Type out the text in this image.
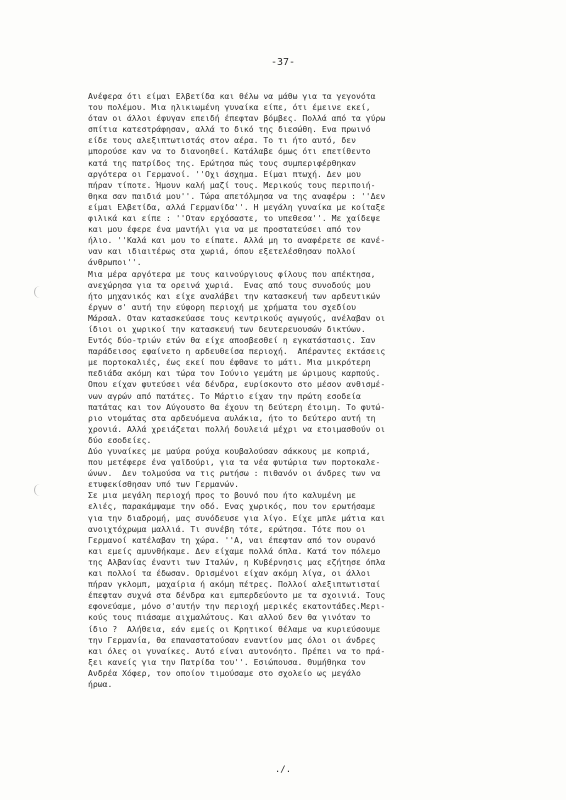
-37-
Ανέφερα ότι είμαι Ελβετίδα και θέλω να μάθω για τα γεγονότα
του πολέμου. Μια ηλικιωμένη γυναίκα είπε, ότι έμεινε εκεί,
όταν οι άλλοι έφυγαν επειδή έπεφταν βόμβες. Πολλά από τα γύρω
σπίτια κατεστράφησαν, αλλά το δικό της διεσώθη. Ενα πρωινό
είδε τους αλεξιπτωτιστάς στον αέρα. Το τι ήτο αυτό, δεν
μπορούσε καν να το διανοηθεί. Κατάλαβε όμως ότι επετίθεντο
κατά της πατρίδος της. Ερώτησα πώς τους συμπεριφέρθηκαν
αργότερα οι Γερμανοί. ''Οχι άσχημα. Είμαι πτωχή. Δεν μου
πήραν τίποτε. Ήμουν καλή μαζί τους. Μερικούς τους περιποιή-
θηκα σαν παιδιά μου''. Τώρα απετόλμησα να της αναφέρω : ''Δεν
είμαι Ελβετίδα, αλλά Γερμανίδα''. Η μεγάλη γυναίκα με κοίταξε
φιλικά και είπε : ''Οταν ερχόσαστε, το υπεθεσα''. Με χαίδεψε
και μου έφερε ένα μαντήλι για να με προστατεύσει από τον
ήλιο. ''Καλά και μου το είπατε. Αλλά μη το αναφέρετε σε κανέ-
ναν και ιδιαιτέρως στα χωριά, όπου εξετελέσθησαν πολλοί
άνθρωποι''.
Μια μέρα αργότερα με τους καινούργιους φίλους που απέκτησα,
ανεχώρησα για τα ορεινά χωριά.  Ενας από τους συνοδούς μου
ήτο μηχανικός και είχε αναλάβει την κατασκευή των αρδευτικών
έργων σ' αυτή την εύφορη περιοχή με χρήματα του σχεδίου
Μάρσαλ. Οταν κατασκεύασε τους κεντρικούς αγωγούς, ανέλαβαν οι
ίδιοι οι χωρικοί την κατασκευή των δευτερευουσών δικτύων.
Εντός δύο-τριών ετών θα είχε αποσβεσθεί η εγκατάστασις. Σαν
παράδεισος εφαίνετο η αρδευθείσα περιοχή.  Απέραντες εκτάσεις
με πορτοκαλιές, έως εκεί που έφθανε το μάτι. Μια μικρότερη
πεδιάδα ακόμη και τώρα τον Ιούνιο γεμάτη με ώριμους καρπούς.
Οπου είχαν φυτεύσει νέα δένδρα, ευρίσκοντο στο μέσον ανθισμέ-
νων αγρών από πατάτες. Το Μάρτιο είχαν την πρώτη εσοδεία
πατάτας και τον Αύγουστο θα έχουν τη δεύτερη έτοιμη. Το φυτώ-
ριο ντομάτας στα αρδευόμενα αυλάκια, ήτο το δεύτερο αυτή τη
χρονιά. Αλλά χρειάζεται πολλή δουλειά μέχρι να ετοιμασθούν οι
δύο εσοδείες.
Δύο γυναίκες με μαύρα ρούχα κουβαλούσαν σάκκους με κοπριά,
που μετέφερε ένα γαϊδούρι, για τα νέα φυτώρια των πορτοκαλε-
ώνων.  Δεν τολμούσα να τις ρωτήσω : πιθανόν οι άνδρες των να
ετυφεκίσθησαν υπό των Γερμανών.
Σε μια μεγάλη περιοχή προς το βουνό που ήτο καλυμένη με
ελιές, παρακάμψαμε την οδό. Ενας χωρικός, που τον ερωτήσαμε
για την διαδρομή, μας συνόδευσε για λίγο. Είχε μπλε μάτια και
ανοιχτόχρωμα μαλλιά. Τι συνέβη τότε, ερώτησα. Τότε που οι
Γερμανοί κατέλαβαν τη χώρα. ''Α, ναι έπεφταν από τον ουρανό
και εμείς αμυνθήκαμε. Δεν είχαμε πολλά όπλα. Κατά τον πόλεμο
της Αλβανίας έναντι των Ιταλών, η Κυβέρνησις μας εζήτησε όπλα
και πολλοί τα έδωσαν. Ορισμένοι είχαν ακόμη λίγα, οι άλλοι
πήραν γκλομπ, μαχαίρια ή ακόμη πέτρες. Πολλοί αλεξιπτωτισταί
έπεφταν συχνά στα δένδρα και εμπερδεύοντο με τα σχοινιά. Τους
εφονεύαμε, μόνο σ'αυτήν την περιοχή μερικές εκατοντάδες.Μερι-
κούς τους πιάσαμε αιχμαλώτους. Και αλλού δεν θα γινόταν το
ίδιο ?  Αλήθεια, εάν εμείς οι Κρητικοί θέλαμε να κυριεύσουμε
την Γερμανία, θα επαναστατούσαν εναντίον μας όλοι οι άνδρες
και όλες οι γυναίκες. Αυτό είναι αυτονόητο. Πρέπει να το πρά-
ξει κανείς για την Πατρίδα του''. Εσιώπουσα. Θυμήθηκα τον
Ανδρέα Χόφερ, τον οποίον τιμούσαμε στο σχολείο ως μεγάλο
ήρωα.
./.
